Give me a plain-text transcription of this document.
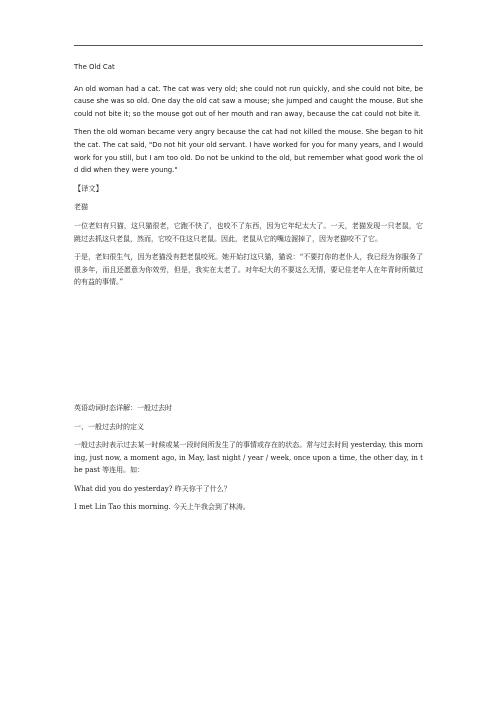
The Old Cat

An old woman had a cat. The cat was very old; she could not run quickly, and she could not bite, because she was so old. One day the old cat saw a mouse; she jumped and caught the mouse. But she could not bite it; so the mouse got out of her mouth and ran away, because the cat could not bite it.

Then the old woman became very angry because the cat had not killed the mouse. She began to hit the cat. The cat said, "Do not hit your old servant. I have worked for you for many years, and I would work for you still, but I am too old. Do not be unkind to the old, but remember what good work the old did when they were young."

【译文】

老猫

一位老妇有只猫，这只猫很老，它跑不快了，也咬不了东西，因为它年纪太大了。一天，老猫发现一只老鼠，它跳过去抓这只老鼠，然而，它咬不住这只老鼠。因此，老鼠从它的嘴边溜掉了，因为老猫咬不了它。

于是，老妇很生气，因为老猫没有把老鼠咬死。她开始打这只猫，猫说：“不要打你的老仆人，我已经为你服务了很多年，而且还愿意为你效劳，但是，我实在太老了。对年纪大的不要这么无情，要记住老年人在年青时所做过的有益的事情。”

英语动词时态详解：一般过去时

一、一般过去时的定义

一般过去时表示过去某一时候或某一段时间所发生了的事情或存在的状态。常与过去时间 yesterday, this morning, just now, a moment ago, in May, last night / year / week, once upon a time, the other day, in the past 等连用。如：

What did you do yesterday? 昨天你干了什么？

I met Lin Tao this morning. 今天上午我会到了林涛。
